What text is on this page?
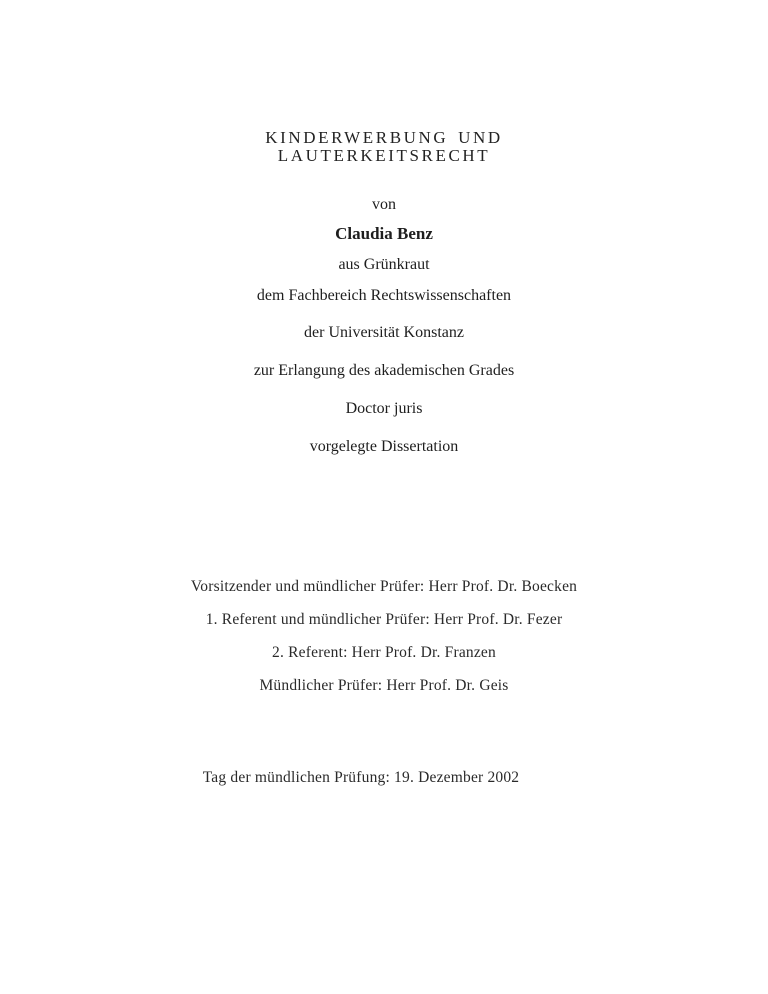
KINDERWERBUNG UND
LAUTERKEITSRECHT
von
Claudia Benz
aus Grünkraut
dem Fachbereich Rechtswissenschaften
der Universität Konstanz
zur Erlangung des akademischen Grades
Doctor juris
vorgelegte Dissertation
Vorsitzender und mündlicher Prüfer: Herr Prof. Dr. Boecken
1. Referent und mündlicher Prüfer: Herr Prof. Dr. Fezer
2. Referent: Herr Prof. Dr. Franzen
Mündlicher Prüfer: Herr Prof. Dr. Geis
Tag der mündlichen Prüfung: 19. Dezember 2002
